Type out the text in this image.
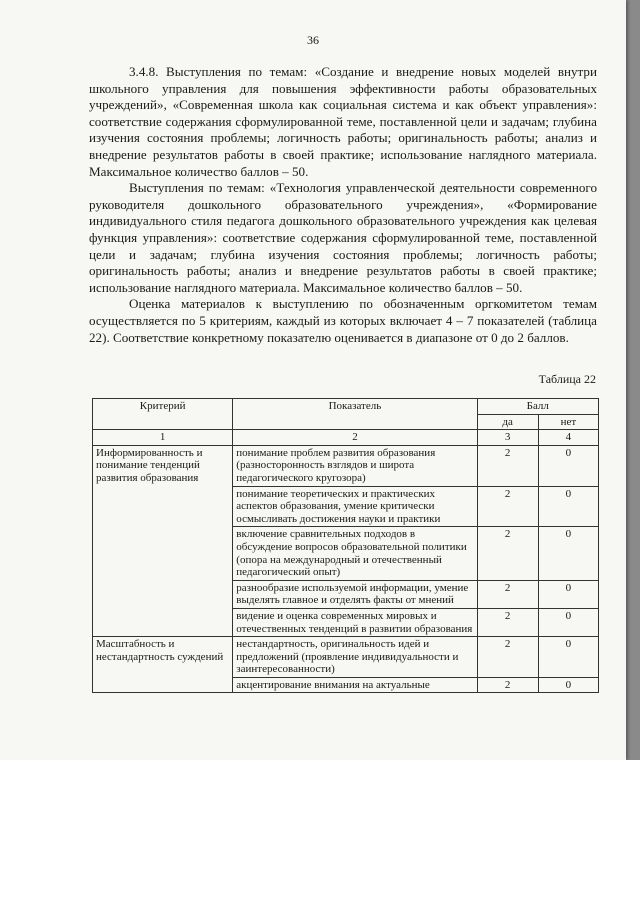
36

3.4.8. Выступления по темам: «Создание и внедрение новых моделей внутри школьного управления для повышения эффективности работы образовательных учреждений», «Современная школа как социальная система и как объект управления»: соответствие содержания сформулированной теме, поставленной цели и задачам; глубина изучения состояния проблемы; логичность работы; оригинальность работы; анализ и внедрение результатов работы в своей практике; использование наглядного материала. Максимальное количество баллов – 50.

Выступления по темам: «Технология управленческой деятельности современного руководителя дошкольного образовательного учреждения», «Формирование индивидуального стиля педагога дошкольного образовательного учреждения как целевая функция управления»: соответствие содержания сформулированной теме, поставленной цели и задачам; глубина изучения состояния проблемы; логичность работы; оригинальность работы; анализ и внедрение результатов работы в своей практике; использование наглядного материала. Максимальное количество баллов – 50.

Оценка материалов к выступлению по обозначенным оргкомитетом темам осуществляется по 5 критериям, каждый из которых включает 4 – 7 показателей (таблица 22). Соответствие конкретному показателю оценивается в диапазоне от 0 до 2 баллов.

Таблица 22
Критерий	Показатель	Балл	
		да	нет
1	2	3	4
Информированность и понимание тенденций развития образования	понимание проблем развития образования (разносторонность взглядов и широта педагогического кругозора)	2	0
	понимание теоретических и практических аспектов образования, умение критически осмысливать достижения науки и практики	2	0
	включение сравнительных подходов в обсуждение вопросов образовательной политики (опора на международный и отечественный педагогический опыт)	2	0
	разнообразие используемой информации, умение выделять главное и отделять факты от мнений	2	0
	видение и оценка современных мировых и отечественных тенденций в развитии образования	2	0
Масштабность и нестандартность суждений	нестандартность, оригинальность идей и предложений (проявление индивидуальности и заинтересованности)	2	0
	акцентирование внимания на актуальные	2	0
